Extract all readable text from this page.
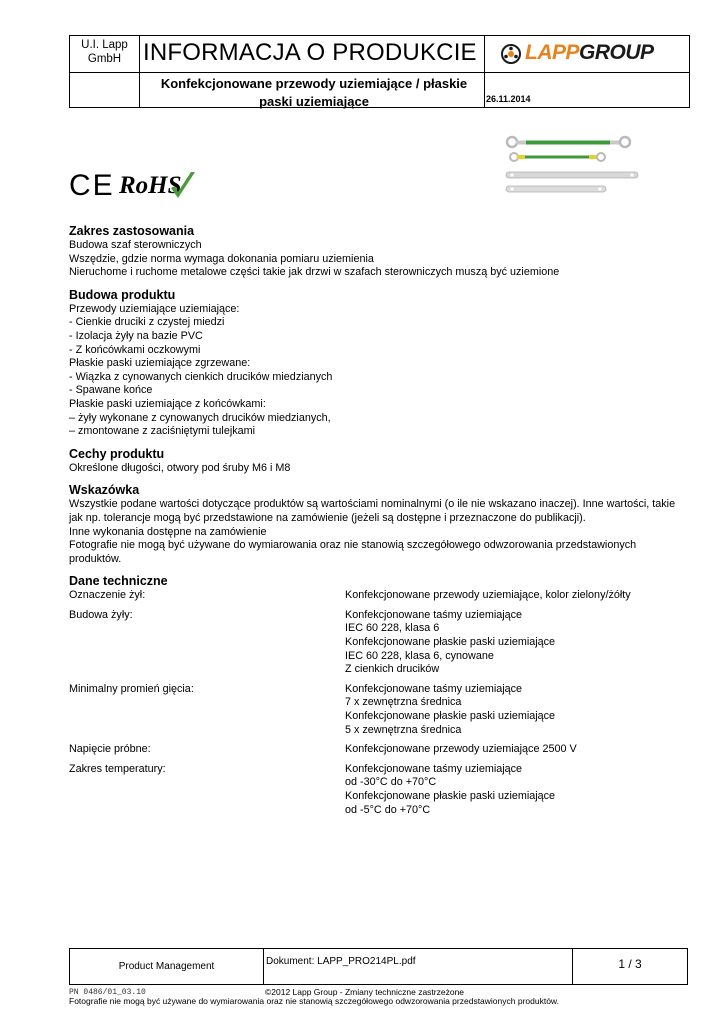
U.I. Lapp GmbH INFORMACJA O PRODUKCIE
Konfekcjonowane przewody uziemiające / płaskie paski uziemiające	26.11.2014
LAPPGROUP
CE RoHS
Zakres zastosowania
Budowa szaf sterowniczych
Wszędzie, gdzie norma wymaga dokonania pomiaru uziemienia
Nieruchome i ruchome metalowe części takie jak drzwi w szafach sterowniczych muszą być uziemione
Budowa produktu
Przewody uziemiające uziemiające:
- Cienkie druciki z czystej miedzi
- Izolacja żyły na bazie PVC
- Z końcówkami oczkowymi
Płaskie paski uziemiające zgrzewane:
- Wiązka z cynowanych cienkich drucików miedzianych
- Spawane końce
Płaskie paski uziemiające z końcówkami:
– żyły wykonane z cynowanych drucików miedzianych,
– zmontowane z zaciśniętymi tulejkami
Cechy produktu
Określone długości, otwory pod śruby M6 i M8
Wskazówka
Wszystkie podane wartości dotyczące produktów są wartościami nominalnymi (o ile nie wskazano inaczej). Inne wartości, takie jak np. tolerancje mogą być przedstawione na zamówienie (jeżeli są dostępne i przeznaczone do publikacji).
Inne wykonania dostępne na zamówienie
Fotografie nie mogą być używane do wymiarowania oraz nie stanowią szczegółowego odwzorowania przedstawionych produktów.
Dane techniczne
Oznaczenie żył:	Konfekcjonowane przewody uziemiające, kolor zielony/żółty
Budowa żyły:	Konfekcjonowane taśmy uziemiające
IEC 60 228, klasa 6
Konfekcjonowane płaskie paski uziemiające
IEC 60 228, klasa 6, cynowane
Z cienkich drucików
Minimalny promień gięcia:	Konfekcjonowane taśmy uziemiające
7 x zewnętrzna średnica
Konfekcjonowane płaskie paski uziemiające
5 x zewnętrzna średnica
Napięcie próbne:	Konfekcjonowane przewody uziemiające 2500 V
Zakres temperatury:	Konfekcjonowane taśmy uziemiające
od -30°C do +70°C
Konfekcjonowane płaskie paski uziemiające
od -5°C do +70°C
Product Management	Dokument: LAPP_PRO214PL.pdf	1 / 3
PN 0486/01_03.10	©2012 Lapp Group - Zmiany techniczne zastrzeżone
Fotografie nie mogą być używane do wymiarowania oraz nie stanowią szczegółowego odwzorowania przedstawionych produktów.
